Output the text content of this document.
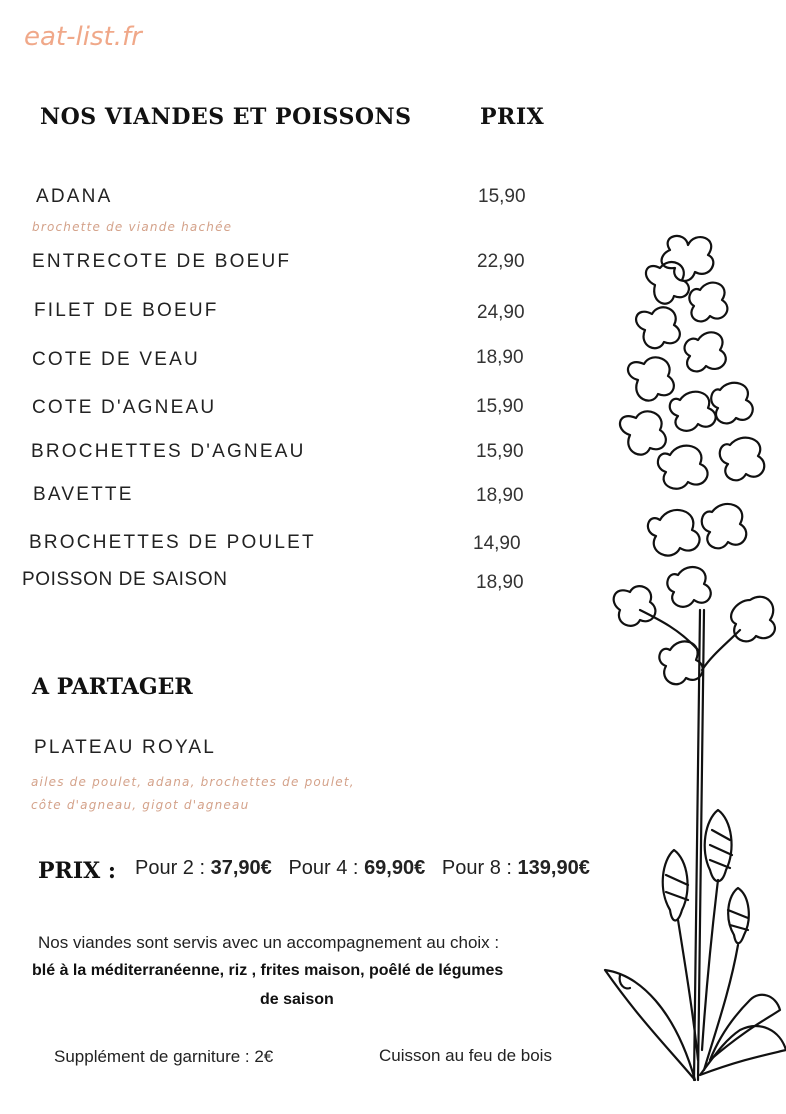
eat-list.fr
NOS VIANDES ET POISSONS	PRIX
ADANA	15,90
brochette de viande hachée
ENTRECOTE DE BOEUF	22,90
FILET DE BOEUF	24,90
COTE DE VEAU	18,90
COTE D'AGNEAU	15,90
BROCHETTES D'AGNEAU	15,90
BAVETTE	18,90
BROCHETTES DE POULET	14,90
POISSON DE SAISON	18,90
A PARTAGER
PLATEAU ROYAL
ailes de poulet, adana, brochettes de poulet,
côte d'agneau, gigot d'agneau
PRIX : Pour 2 : 37,90€ Pour 4 : 69,90€ Pour 8 : 139,90€
Nos viandes sont servis avec un accompagnement au choix :
blé à la méditerranéenne, riz , frites maison, poêlé de légumes
de saison
Supplément de garniture : 2€	Cuisson au feu de bois
